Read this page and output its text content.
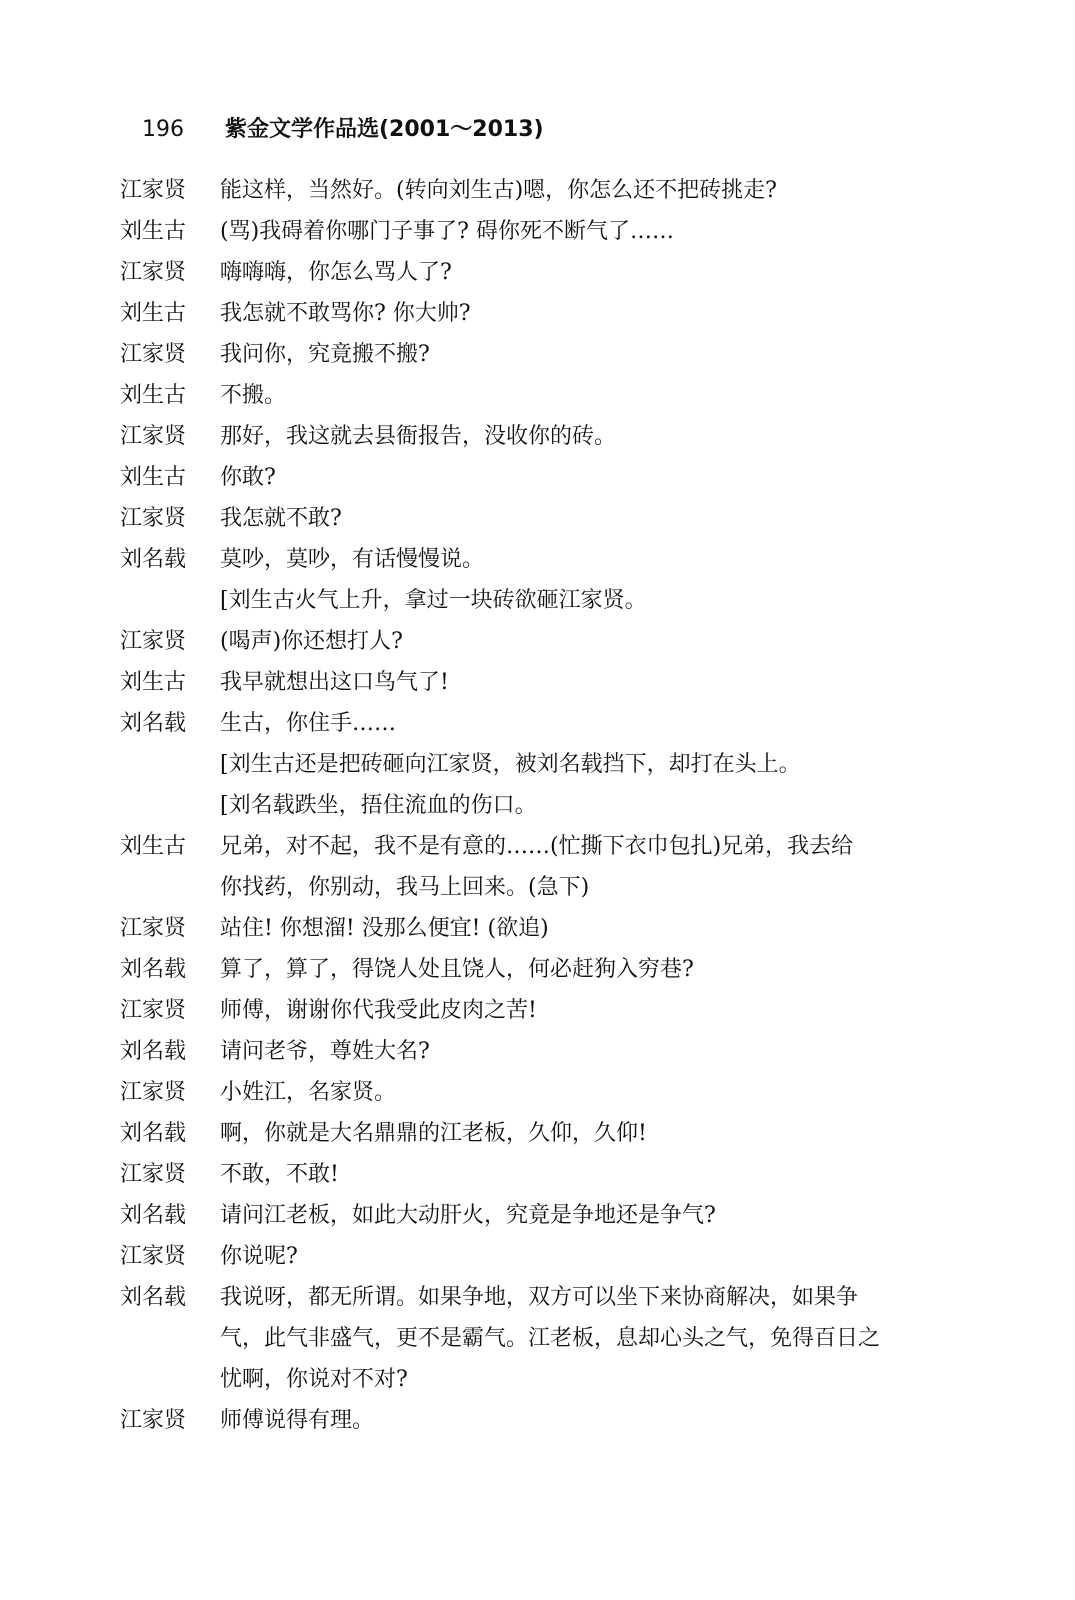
196 紫金文学作品选(2001～2013)
江家贤	能这样，当然好。(转向刘生古)嗯，你怎么还不把砖挑走?
刘生古	(骂)我碍着你哪门子事了? 碍你死不断气了……
江家贤	嗨嗨嗨，你怎么骂人了?
刘生古	我怎就不敢骂你? 你大帅?
江家贤	我问你，究竟搬不搬?
刘生古	不搬。
江家贤	那好，我这就去县衙报告，没收你的砖。
刘生古	你敢?
江家贤	我怎就不敢?
刘名载	莫吵，莫吵，有话慢慢说。
[刘生古火气上升，拿过一块砖欲砸江家贤。
江家贤	(喝声)你还想打人?
刘生古	我早就想出这口鸟气了!
刘名载	生古，你住手……
[刘生古还是把砖砸向江家贤，被刘名载挡下，却打在头上。
[刘名载跌坐，捂住流血的伤口。
刘生古	兄弟，对不起，我不是有意的……(忙撕下衣巾包扎)兄弟，我去给
你找药，你别动，我马上回来。(急下)
江家贤	站住! 你想溜! 没那么便宜! (欲追)
刘名载	算了，算了，得饶人处且饶人，何必赶狗入穷巷?
江家贤	师傅，谢谢你代我受此皮肉之苦!
刘名载	请问老爷，尊姓大名?
江家贤	小姓江，名家贤。
刘名载	啊，你就是大名鼎鼎的江老板，久仰，久仰!
江家贤	不敢，不敢!
刘名载	请问江老板，如此大动肝火，究竟是争地还是争气?
江家贤	你说呢?
刘名载	我说呀，都无所谓。如果争地，双方可以坐下来协商解决，如果争
气，此气非盛气，更不是霸气。江老板，息却心头之气，免得百日之
忧啊，你说对不对?
江家贤	师傅说得有理。
